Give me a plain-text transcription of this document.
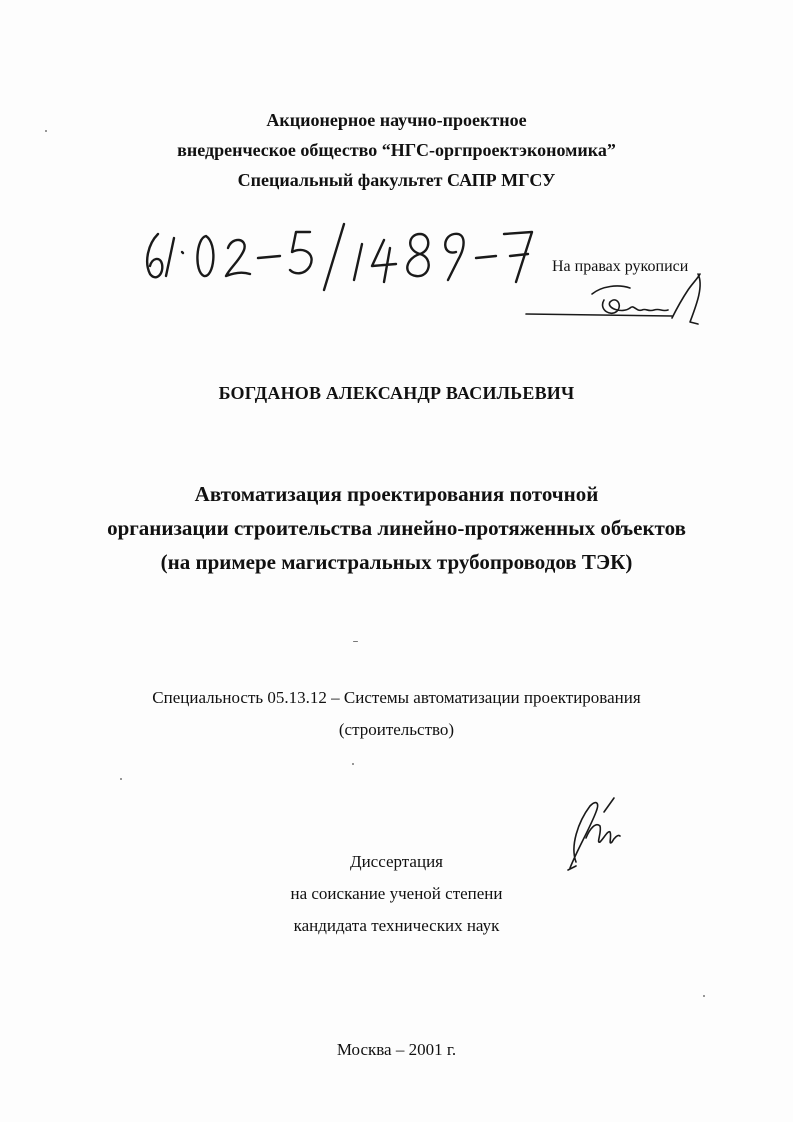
Акционерное научно-проектное
внедренческое общество “НГС-оргпроектэкономика”
Специальный факультет САПР МГСУ
На правах рукописи
БОГДАНОВ АЛЕКСАНДР ВАСИЛЬЕВИЧ
Автоматизация проектирования поточной
организации строительства линейно-протяженных объектов
(на примере магистральных трубопроводов ТЭК)
Специальность 05.13.12 – Системы автоматизации проектирования
(строительство)
Диссертация
на соискание ученой степени
кандидата технических наук
Москва – 2001 г.
